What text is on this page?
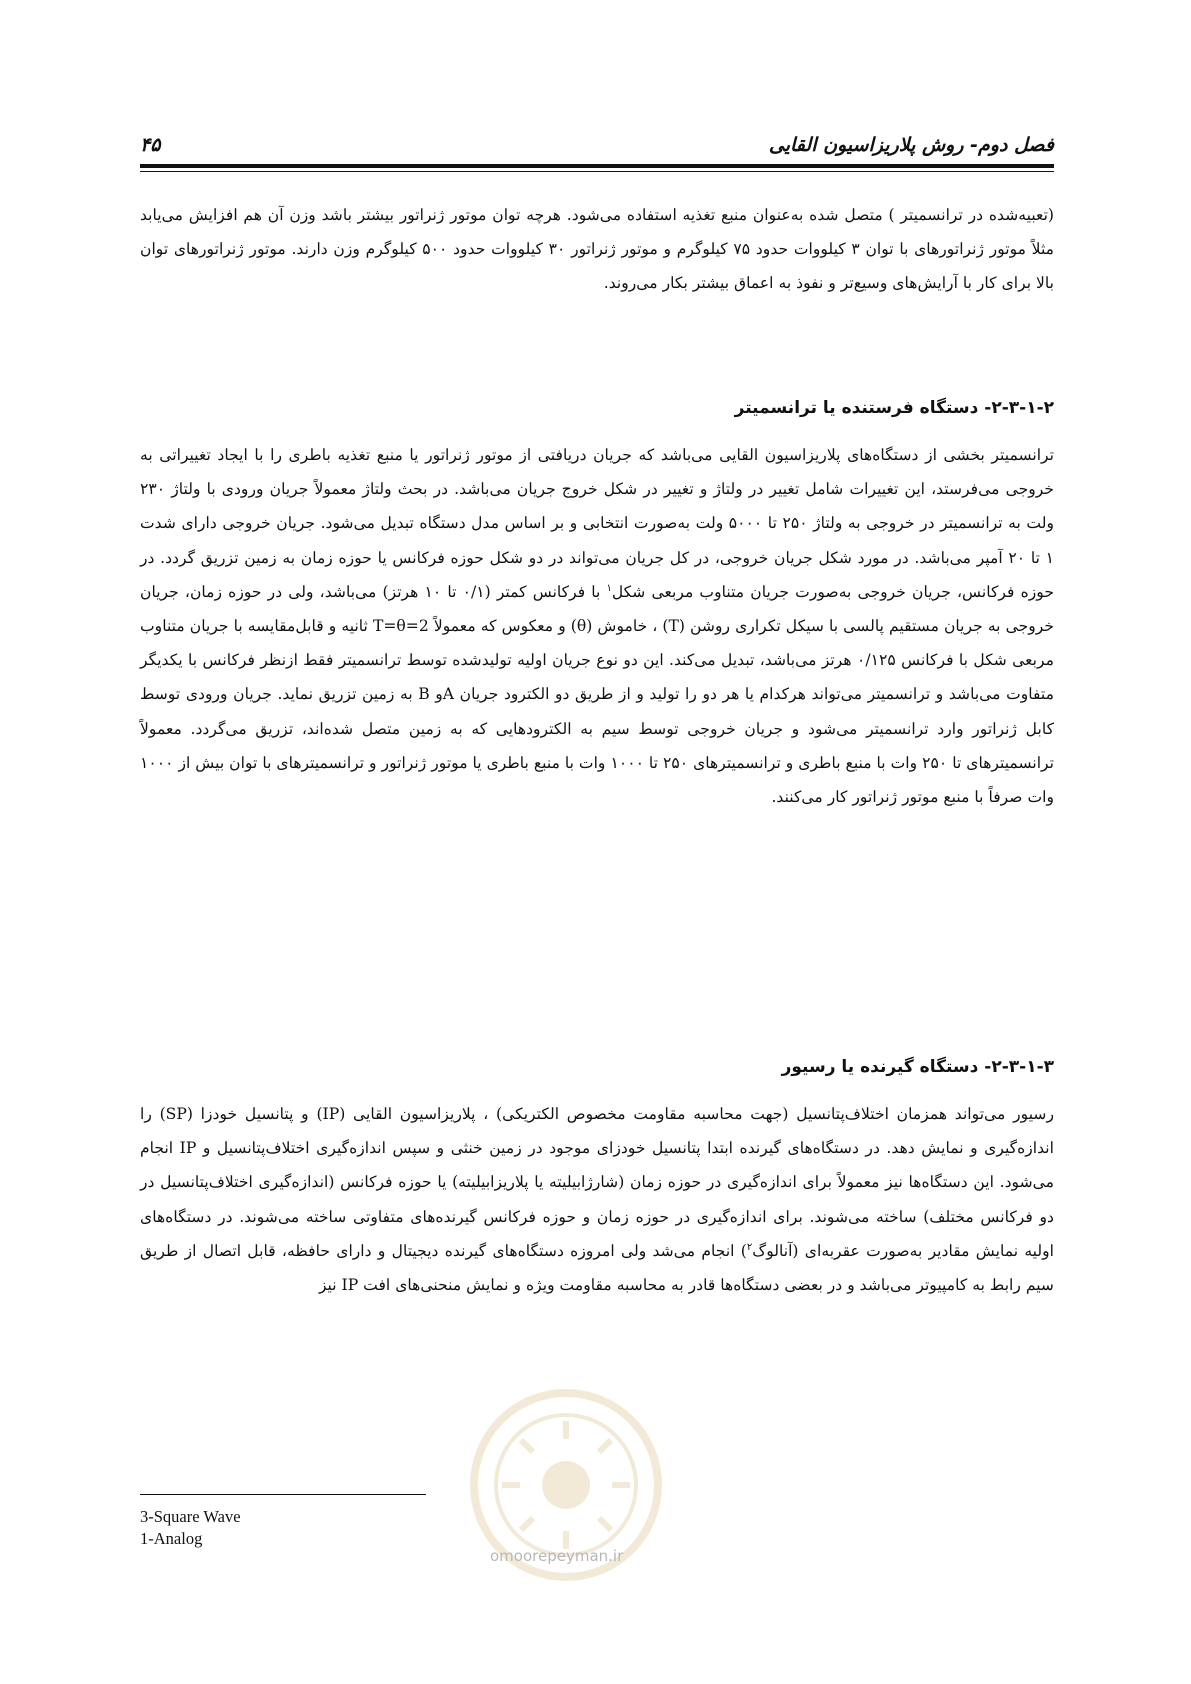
فصل دوم- روش پلاریزاسیون القایی
۴۵

(تعبیه‌شده در ترانسمیتر ) متصل شده به‌عنوان منبع تغذیه استفاده می‌شود. هرچه توان موتور ژنراتور بیشتر باشد وزن آن هم افزایش می‌یابد مثلاً موتور ژنراتورهای با توان ۳ کیلووات حدود ۷۵ کیلوگرم و موتور ژنراتور ۳۰ کیلووات حدود ۵۰۰ کیلوگرم وزن دارند. موتور ژنراتورهای توان بالا برای کار با آرایش‌های وسیع‌تر و نفوذ به اعماق بیشتر بکار می‌روند.

۲-۳-۱-۲- دستگاه فرستنده یا ترانسمیتر

ترانسمیتر بخشی از دستگاه‌های پلاریزاسیون القایی می‌باشد که جریان دریافتی از موتور ژنراتور یا منبع تغذیه باطری را با ایجاد تغییراتی به خروجی می‌فرستد، این تغییرات شامل تغییر در ولتاژ و تغییر در شکل خروج جریان می‌باشد. در بحث ولتاژ معمولاً جریان ورودی با ولتاژ ۲۳۰ ولت به ترانسمیتر در خروجی به ولتاژ ۲۵۰ تا ۵۰۰۰ ولت به‌صورت انتخابی و بر اساس مدل دستگاه تبدیل می‌شود. جریان خروجی دارای شدت ۱ تا ۲۰ آمپر می‌باشد. در مورد شکل جریان خروجی، در کل جریان می‌تواند در دو شکل حوزه فرکانس یا حوزه زمان به زمین تزریق گردد. در حوزه فرکانس، جریان خروجی به‌صورت جریان متناوب مربعی شکل$^۱$ با فرکانس کمتر (۰/۱ تا ۱۰ هرتز) می‌باشد، ولی در حوزه زمان، جریان خروجی به جریان مستقیم پالسی با سیکل تکراری روشن (T) ، خاموش (θ) و معکوس که معمولاً T=θ=2 ثانیه و قابل‌مقایسه با جریان متناوب مربعی شکل با فرکانس ۰/۱۲۵ هرتز می‌باشد، تبدیل می‌کند. این دو نوع جریان اولیه تولیدشده توسط ترانسمیتر فقط ازنظر فرکانس با یکدیگر متفاوت می‌باشد و ترانسمیتر می‌تواند هرکدام یا هر دو را تولید و از طریق دو الکترود جریان Aو B به زمین تزریق نماید. جریان ورودی توسط کابل ژنراتور وارد ترانسمیتر می‌شود و جریان خروجی توسط سیم به الکترودهایی که به زمین متصل شده‌اند، تزریق می‌گردد. معمولاً ترانسمیترهای تا ۲۵۰ وات با منبع باطری و ترانسمیترهای ۲۵۰ تا ۱۰۰۰ وات با منبع باطری یا موتور ژنراتور و ترانسمیترهای با توان بیش از ۱۰۰۰ وات صرفاً با منبع موتور ژنراتور کار می‌کنند.

۲-۳-۱-۳- دستگاه گیرنده یا رسیور

رسیور می‌تواند همزمان اختلاف‌پتانسیل (جهت محاسبه مقاومت مخصوص الکتریکی) ، پلاریزاسیون القایی (IP) و پتانسیل خودزا (SP) را اندازه‌گیری و نمایش دهد. در دستگاه‌های گیرنده ابتدا پتانسیل خودزای موجود در زمین خنثی و سپس اندازه‌گیری اختلاف‌پتانسیل و IP انجام می‌شود. این دستگاه‌ها نیز معمولاً برای اندازه‌گیری در حوزه زمان (شارژابیلیته یا پلاریزابیلیته) یا حوزه فرکانس (اندازه‌گیری اختلاف‌پتانسیل در دو فرکانس مختلف) ساخته می‌شوند. برای اندازه‌گیری در حوزه زمان و حوزه فرکانس گیرنده‌های متفاوتی ساخته می‌شوند. در دستگاه‌های اولیه نمایش مقادیر به‌صورت عقربه‌ای (آنالوگ$^۲$) انجام می‌شد ولی امروزه دستگاه‌های گیرنده دیجیتال و دارای حافظه، قابل اتصال از طریق سیم رابط به کامپیوتر می‌باشد و در بعضی دستگاه‌ها قادر به محاسبه مقاومت ویژه و نمایش منحنی‌های افت IP نیز

3-Square Wave
1-Analog
omoorepeyman.ir
